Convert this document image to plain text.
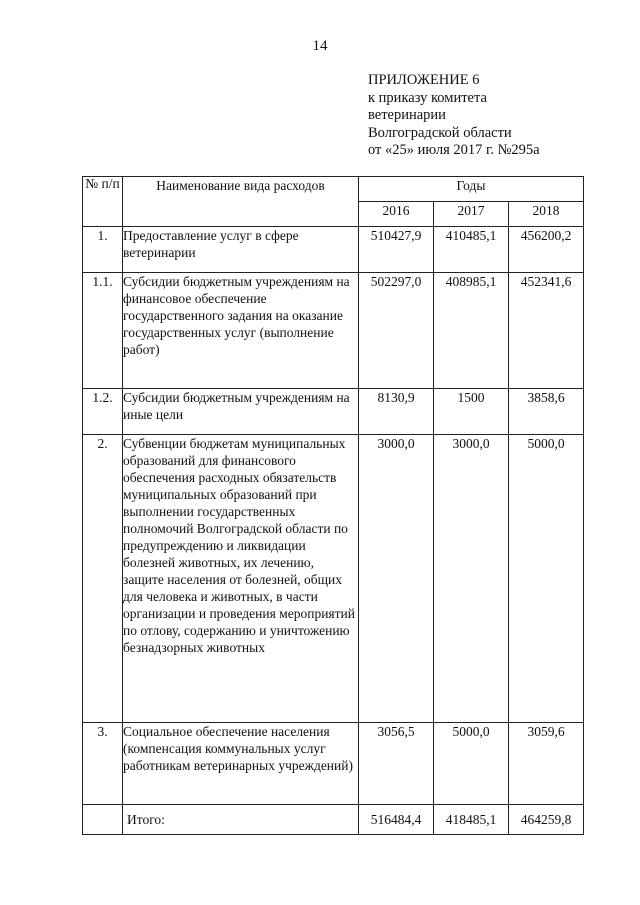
14
ПРИЛОЖЕНИЕ 6
к приказу комитета
ветеринарии
Волгоградской области
от «25» июля 2017 г. №295а
№ п/п	Наименование вида расходов	Годы		
		2016	2017	2018
1.	Предоставление услуг в сфере ветеринарии	510427,9	410485,1	456200,2
1.1.	Субсидии бюджетным учреждениям на финансовое обеспечение государственного задания на оказание государственных услуг (выполнение работ)	502297,0	408985,1	452341,6
1.2.	Субсидии бюджетным учреждениям на иные цели	8130,9	1500	3858,6
2.	Субвенции бюджетам муниципальных образований для финансового обеспечения расходных обязательств муниципальных образований при выполнении государственных полномочий Волгоградской области по предупреждению и ликвидации болезней животных, их лечению, защите населения от болезней, общих для человека и животных, в части организации и проведения мероприятий по отлову, содержанию и уничтожению безнадзорных животных	3000,0	3000,0	5000,0
3.	Социальное обеспечение населения (компенсация коммунальных услуг работникам ветеринарных учреждений)	3056,5	5000,0	3059,6
	Итого:	516484,4	418485,1	464259,8
